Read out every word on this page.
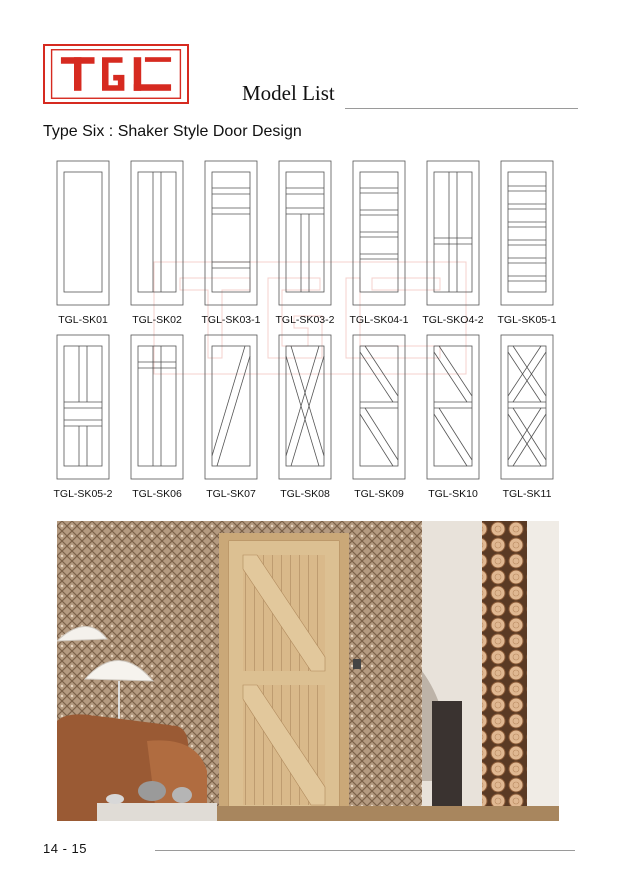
Model List
Type Six : Shaker Style Door Design
TGL-SK01	TGL-SK02	TGL-SK03-1	TGL-SK03-2	TGL-SK04-1	TGL-SKO4-2	TGL-SK05-1
TGL-SK05-2	TGL-SK06	TGL-SK07	TGL-SK08	TGL-SK09	TGL-SK10	TGL-SK11
14 - 15
